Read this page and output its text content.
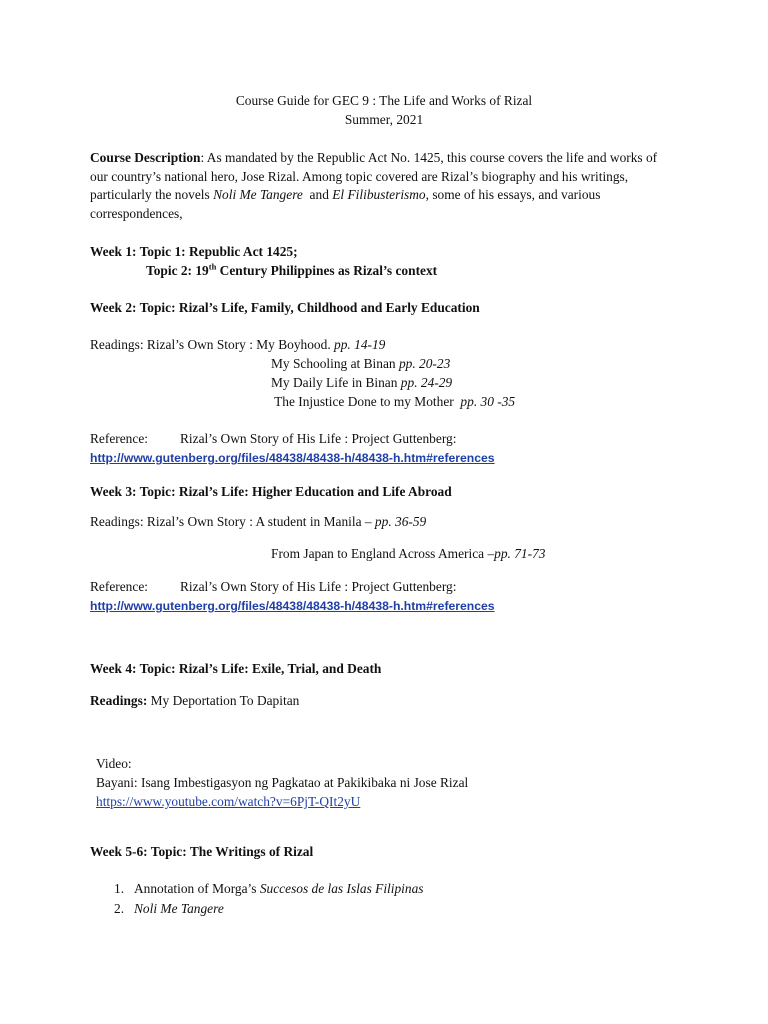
Course Guide for GEC 9 : The Life and Works of Rizal
Summer, 2021
Course Description: As mandated by the Republic Act No. 1425, this course covers the life and works of
our country’s national hero, Jose Rizal. Among topic covered are Rizal’s biography and his writings,
particularly the novels Noli Me Tangere  and El Filibusterismo, some of his essays, and various
correspondences,
Week 1: Topic 1: Republic Act 1425;
Topic 2: 19th Century Philippines as Rizal’s context
Week 2: Topic: Rizal’s Life, Family, Childhood and Early Education
Readings: Rizal’s Own Story : My Boyhood. pp. 14-19
My Schooling at Binan pp. 20-23
My Daily Life in Binan pp. 24-29
The Injustice Done to my Mother  pp. 30 -35
Reference: Rizal’s Own Story of His Life : Project Guttenberg:
http://www.gutenberg.org/files/48438/48438-h/48438-h.htm#references
Week 3: Topic: Rizal’s Life: Higher Education and Life Abroad
Readings: Rizal’s Own Story : A student in Manila – pp. 36-59
From Japan to England Across America –pp. 71-73
Reference: Rizal’s Own Story of His Life : Project Guttenberg:
http://www.gutenberg.org/files/48438/48438-h/48438-h.htm#references
Week 4: Topic: Rizal’s Life: Exile, Trial, and Death
Readings: My Deportation To Dapitan
Video:
Bayani: Isang Imbestigasyon ng Pagkatao at Pakikibaka ni Jose Rizal
https://www.youtube.com/watch?v=6PjT-QIt2yU
Week 5-6: Topic: The Writings of Rizal
1. Annotation of Morga’s Succesos de las Islas Filipinas
2. Noli Me Tangere
